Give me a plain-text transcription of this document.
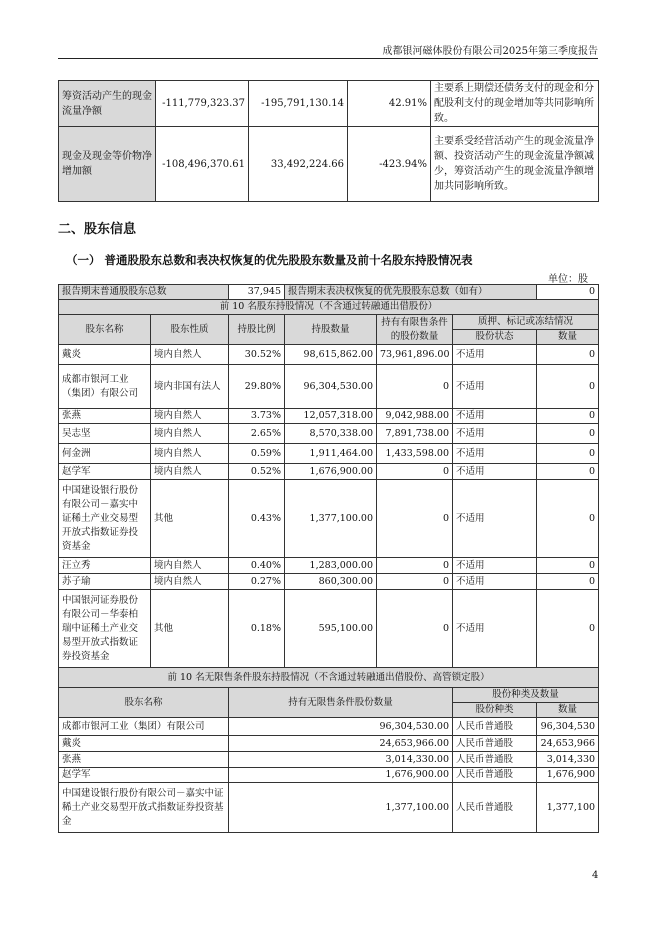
成都银河磁体股份有限公司2025年第三季度报告
筹资活动产生的现金流量净额	-111,779,323.37	-195,791,130.14	42.91%	主要系上期偿还债务支付的现金和分配股利支付的现金增加等共同影响所致。
现金及现金等价物净增加额	-108,496,370.61	33,492,224.66	-423.94%	主要系受经营活动产生的现金流量净额、投资活动产生的现金流量净额减少，筹资活动产生的现金流量净额增加共同影响所致。
二、股东信息
（一） 普通股股东总数和表决权恢复的优先股股东数量及前十名股东持股情况表
单位：股
报告期末普通股股东总数		37,945	报告期末表决权恢复的优先股股东总数（如有）			0
前 10 名股东持股情况（不含通过转融通出借股份）						
股东名称	股东性质	持股比例	持股数量	持有有限售条件的股份数量	质押、标记或冻结情况	
					股份状态	数量
戴炎	境内自然人	30.52%	98,615,862.00	73,961,896.00	不适用	0
成都市银河工业（集团）有限公司	境内非国有法人	29.80%	96,304,530.00	0	不适用	0
张燕	境内自然人	3.73%	12,057,318.00	9,042,988.00	不适用	0
吴志坚	境内自然人	2.65%	8,570,338.00	7,891,738.00	不适用	0
何金洲	境内自然人	0.59%	1,911,464.00	1,433,598.00	不适用	0
赵学军	境内自然人	0.52%	1,676,900.00	0	不适用	0
中国建设银行股份有限公司－嘉实中证稀土产业交易型开放式指数证券投资基金	其他	0.43%	1,377,100.00	0	不适用	0
汪立秀	境内自然人	0.40%	1,283,000.00	0	不适用	0
苏子瑜	境内自然人	0.27%	860,300.00	0	不适用	0
中国银河证券股份有限公司－华泰柏瑞中证稀土产业交易型开放式指数证券投资基金	其他	0.18%	595,100.00	0	不适用	0
前 10 名无限售条件股东持股情况（不含通过转融通出借股份、高管锁定股）						
股东名称		持有无限售条件股份数量			股份种类及数量	
					股份种类	数量
成都市银河工业（集团）有限公司		96,304,530.00			人民币普通股	96,304,530
戴炎		24,653,966.00			人民币普通股	24,653,966
张燕		3,014,330.00			人民币普通股	3,014,330
赵学军		1,676,900.00			人民币普通股	1,676,900
中国建设银行股份有限公司－嘉实中证稀土产业交易型开放式指数证券投资基金		1,377,100.00			人民币普通股	1,377,100
4
